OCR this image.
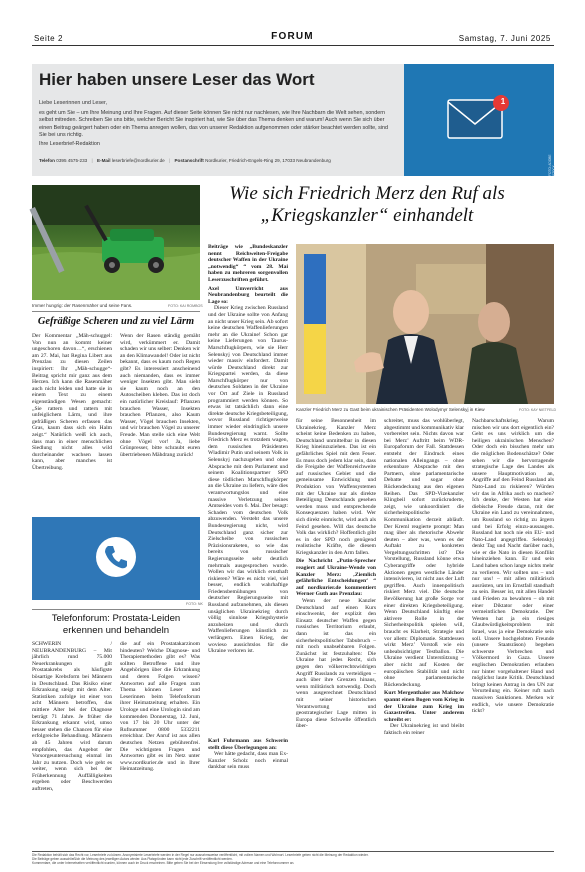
Seite 2	FORUM	Samstag, 7. Juni 2025
Hier haben unsere Leser das Wort
Liebe Leserinnen und Leser,
es geht um Sie – um Ihre Meinung und Ihre Fragen. Auf dieser Seite können Sie nicht nur nachlesen, wie Ihre Nachbarn die Welt sehen, sondern selbst mitreden. Schreiben Sie uns bitte, welcher Bericht Sie inspiriert hat, wie Sie über das Thema denken und warum! Auch wenn Sie sich über einen Beitrag geärgert haben oder ein Thema anregen wollen, das von unserer Redaktion aufgenommen oder stärker beachtet werden sollte, sind Sie bei uns richtig.
Ihre Leserbrief-Redaktion
Telefon 0395 4575-233 | E-Mail leserbriefe@nordkurier.de | Postanschrift Nordkurier, Friedrich-Engels-Ring 29, 17033 Neubrandenburg
1
FOTO: ADOBE STOCK
Immer hungrig: der Rasenmäher und seine Fans.	FOTO: KAI ROMBOS
Gefräßige Scheren und zu viel Lärm
Der Kommentar „Mäh-schuggel: Von nun an kommt keiner ungeschoren davon…“, erschienen am 27. Mai, hat Regina Libert aus Prenzlau zu diesen Zeilen inspiriert: Ihr „Mäh-schugge“-Beitrag spricht mir ganz aus dem Herzen. Ich kann die Rasenmäher auch nicht leiden und hatte sie in einem Text zu einem eigenständigen Wesen gemacht: „Sie rattern und rattern mit unfeiglichem Lärm, und ihre gefräßigen Scheren erfassen das Gras, kaum dass sich ein Halm zeigt.“ Natürlich weiß ich auch, dass man in einer menschlichen Siedlung nicht alles wild durcheinander wachsen lassen kann, aber manches ist Übertreibung.
Wenn der Rasen ständig gemäht wird, verkümmert er. Damit schaden wir uns selber: Denken wir an den Klimawandel! Oder ist nicht bekannt, dass es kaum noch Regen gibt? Es interessiert anscheinend auch niemanden, dass es immer weniger Insekten gibt. Man sieht sie kaum noch an den Autoscheiben kleben. Das ist doch ein natürlicher Kreislauf: Pflanzen brauchen Wasser, Insekten brauchen Pflanzen, also Kaum Wasser, Vögel brauchen Insekten, und wir brauchen Vögel zu unserer Freude. Man stelle sich eine Welt ohne Vögel vor! Ja, liebe Grünpresser, bitte schraubt euren übertriebenen Mähdrang zurück!
FOTO: NK
Telefonforum: Prostata-Leiden erkennen und behandeln
SCHWERIN / NEUBRANDENBURG – Mit jährlich rund 75.000 Neuerkrankungen gilt Prostatakrebs als häufigste bösartige Krebsform bei Männern in Deutschland. Das Risiko einer Erkrankung steigt mit dem Alter. Statistiken zufolge ist einer von acht Männern betroffen, das mittlere Alter bei der Diagnose beträgt 71 Jahre. Je früher die Erkrankung erkannt wird, umso besser stehen die Chancen für eine erfolgreiche Behandlung. Männern ab 45 Jahren wird darum empfohlen, das Angebot der Vorsorgeuntersuchung einmal im Jahr zu nutzen. Doch wie geht es weiter, wenn sich bei der Früherkennung Auffälligkeiten ergeben oder Beschwerden auftreten,
die auf ein Prostatakarzinom hindeuten? Welche Diagnose- und Therapiemethoden gibt es? Was sollten Betroffene und ihre Angehörigen über die Erkrankung und deren Folgen wissen? Antworten auf alle Fragen zum Thema können Leser und Leserinnen beim Telefonforum ihrer Heimatzeitung erhalten. Ein Urologe und eine Urologin sind am kommenden Donnerstag, 12. Juni, von 17 bis 20 Uhr unter der Rufnummer 0800 5332211 erreichbar. Der Anruf ist aus allen deutschen Netzen gebührenfrei. Die wichtigsten Fragen und Antworten gibt es im Netz unter www.nordkurier.de und in Ihrer Heimatzeitung.
Wie sich Friedrich Merz den Ruf als „Kriegskanzler“ einhandelt
Beiträge wie „Bundeskanzler nennt Reichweiten-Freigabe deutscher Waffen in der Ukraine „notwendig“ “ vom 28. Mai haben zu mehreren sorgenvollen Leserzuschriften geführt.
Axel Umverricht aus Neubrandenburg beurteilt die Lage so:
Dieser Krieg zwischen Russland und der Ukraine sollte von Anfang an nicht unser Krieg sein. Ab sofort keine deutschen Waffenlieferungen mehr an die Ukraine! Schon gar keine Lieferungen von Taurus-Marschflugkörpern, wie sie Herr Selenskyj von Deutschland immer wieder massiv einfordert. Damit würde Deutschland direkt zur Kriegspartei werden, da diese Marschflugkörper nur von deutschen Soldaten in der Ukraine vor Ort auf Ziele in Russland programmiert werden können. So etwas ist tatsächlich dann eine direkte deutsche Kriegsbeteiligung, wovor Russland richtigerweise immer wieder eindringlich unsere Bundesregierung warnt. Sollte Friedrich Merz es trotzdem wagen, dem russischen Präsidenten Wladimir Putin und seinem Volk in Selenskyj nachzugeben und ohne Absprache mit dem Parlament und seinem Koalitionspartner SPD diese tödlichen Marschflugkörper an die Ukraine zu liefern, wäre dies verantwortungslos und eine massive Verletzung seines Amtseides vom 6. Mai. Der besagt: Schaden vom deutschen Volk abzuwenden. Versteht das unsere Bundesregierung nicht, wird Deutschland ganz sicher zur Zielscheibe von russischen Präzisionsraketen, so wie das bereits von russischer Regierungsseite sehr deutlich mehrmals ausgesprochen wurde. Wollen wir das wirklich ernsthaft riskieren? Wäre es nicht viel, viel besser, endlich wahrhaftige Friedensbemühungen von deutscher Regierungsseite mit Russland aufzunehmen, als diesen unsäglichen Ukrainekrieg durch völlig sinnlose Kriegshysterie anzuheizen und durch Waffenlieferungen künstlich zu verlängern. Einen Krieg, der wovieso aussichtslos für die Ukraine verloren ist.
Kanzler Friedrich Merz zu Gast beim ukrainischen Präsidenten Wolodymyr Selenskyj in Kiew	FOTO: KAY NIETFELD
Karl Fuhrmann aus Schwerin stellt diese Überlegungen an:
Wer hätte gedacht, dass man Ex-Kanzler Scholz noch einmal dankbar sein muss
für seine Besonnenheit im Ukrainekrieg. Kanzler Merz scheint keine Bedenken zu haben, Deutschland unmittelbar in diesen Krieg hineinzuziehen. Das ist ein gefährliches Spiel mit dem Feuer. Es muss doch jedem klar sein, dass die Freigabe der Waffenreichweite auf russisches Gebiet und die gemeinsame Entwicklung und Produktion von Waffensystemen mit der Ukraine nur als direkte Beteiligung Deutschlands gesehen werden muss und entsprechende Konsequenzen haben wird. Wer sich direkt einmischt, wird auch als Feind gesehen. Will das deutsche Volk das wirklich? Hoffentlich gibt es in der SPD noch genügend realistische Kräfte, die diesem Kriegskanzler in den Arm fallen.
Die Nachricht „Putin-Sprecher reagiert auf Ukraine-Wende von Kanzler Merz: ‚Ziemlich gefährliche Entscheidungen‘ “ auf nordkurier.de kommentiert Werner Guth aus Prenzlau:
Wenn der neue Kanzler Deutschland auf einen Kurs einschwenkt, der explizit den Einsatz deutscher Waffen gegen russisches Territorium erlaubt, dann ist das ein sicherheitspolitischer Tabubruch – mit noch unabsehbaren Folgen. Zunächst ist festzuhalten: Die Ukraine hat jedes Recht, sich gegen den völkerrechtswidrigen Angriff Russlands zu verteidigen – auch über ihre Grenzen hinaus, wenn militärisch notwendig. Doch wenn ausgerechnet Deutschland mit seiner historischen Verantwortung und geostrategischer Lage mitten in Europa diese Schwelle öffentlich über-
schreitet, muss das wohlüberlegt, abgestimmt und kommunikativ klar vorbereitet sein. Nichts davon war bei Merz’ Auftritt beim WDR-Europaforum der Fall. Stattdessen entsteht der Eindruck eines nationalen Alleingangs – ohne erkennbare Absprache mit den Partnern, ohne parlamentarische Debatte und sogar ohne Rückendeckung aus den eigenen Reihen. Das SPD-Vizekanzler Klingbeil sofort zurückruderte, zeigt, wie unkoordiniert die sicherheitspolitische Kommunikation derzeit abläuft. Der Kreml reagierte prompt: Man mag über als rhetorische Abwehr deuten – aber was, wenn es der Auftakt zu konkreten Vergeltungsschritten ist? Die Vorstellung, Russland könne etwa Cyberangriffe oder hybride Aktionen gegen westliche Länder intensivieren, ist nicht aus der Luft gegriffen. Auch innenpolitisch riskiert Merz viel. Die deutsche Bevölkerung hat große Sorge vor einer direkten Kriegsbeteiligung. Wenn Deutschland künftig eine aktivere Rolle in der Sicherheitspolitik spielen will, braucht es Klarheit, Strategie und vor allem: Diplomatie. Stattdessen wirkt Merz’ Vorstoß wie ein unbeabsichtigter Testballon. Die Ukraine verdient Unterstützung – aber nicht auf Kosten der europäischen Stabilität und nicht ohne parlamentarische Rückendeckung.
Kurt Mergenthaler aus Malchow spannt einen Bogen vom Krieg in der Ukraine zum Krieg im Gazastreifen. Unter anderem schreibt er:
Der Ukrainekrieg ist und bleibt faktisch ein reiner
Nachbarschaftskrieg. Warum mischen wir uns dort eigentlich ein? Geht es uns wirklich um die heiligen ukrainischen Menschen? Oder doch ein bisschen mehr um die möglichen Bodenschätze? Oder sehen wir die hervorragende strategische Lage des Landes als unsere Hauptmotivation an, Angriffe auf den Feind Russland als Nato-Land zu riskieren? Würden wir das in Afrika auch so machen? Ich denke, der Westen hat eine diebische Freude daran, mit der Ukraine ein Land zu vereinnahmen, um Russland so richtig zu ärgern und bei Erfolg einzu-aussaugen. Russland hat noch nie ein EU- und Nato-Land angegriffen. Selenskyj denkt Tag und Nacht darüber nach, wie er die Nato in diesen Konflikt hineinziehen kann. Er und sein Land haben schon lange nichts mehr zu verlieren. Wir sollten uns – und nur uns! – mit allen militärisch ausrüsten, um im Ernstfall standhaft zu sein. Besser ist, mit allen Handel und Frieden zu bewahren – ob mit einer Diktator oder einer vermeintlichen Demokratie. Der Westen hat ja ein riesiges Glaubwürdigkeitsproblem mit Israel, was ja eine Demokratie sein soll. Unsere hochgelobten Freunde (unsere Staatsräson) begehen schwerste Verbrechen und Völkermord in Gaza. Unsere englischen Demokratien erlauben nur hinter vorgehaltener Hand und möglichst laute Kritik. Deutschland bringt keinen Antrag in den UN zur Verurteilung ein. Keiner ruft nach massiven Sanktionen. Merken wir endlich, wie unsere Demokratie tickt?
Die Redaktion behält sich das Recht vor, Leserbriefe zu kürzen. Anonymisierte Leserbriefe werden in der Regel nur ausnahmsweise veröffentlicht, mit vollem Namen und Wohnort. Leserbriefe geben nicht die Meinung der Redaktion wieder.
Die Beiträge geben ausschließlich die Meinung des jeweiligen Autors wieder. Aus Platzgründen kann nicht jede Zuschrift veröffentlicht werden.
Kommentare, die unter Internetseiten veröffentlicht wurden, können auch im Druck erscheinen. Bitte geben Sie bei der Einsendung Ihre vollständige Adresse und eine Telefonnummer an.
